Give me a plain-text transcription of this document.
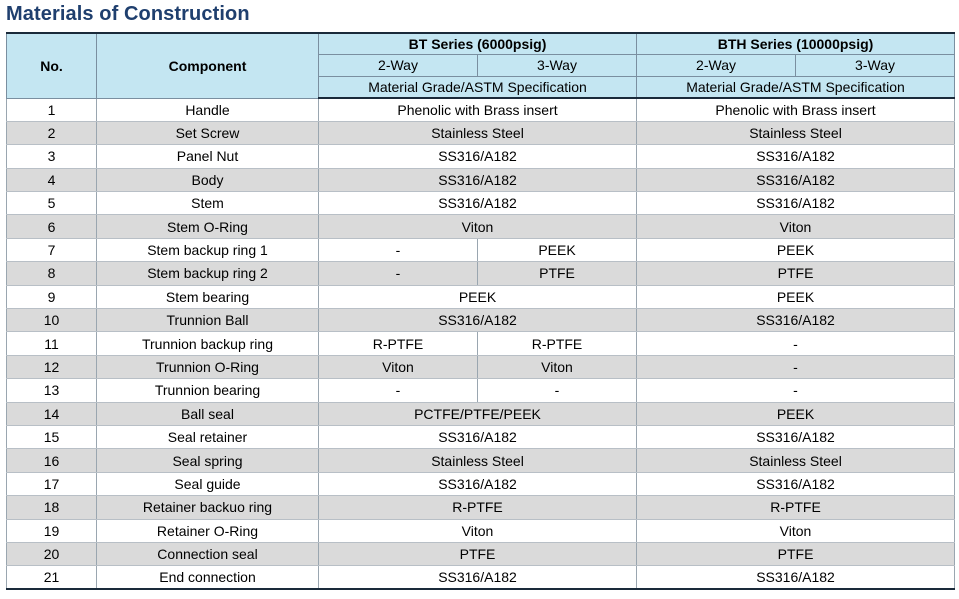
Materials of Construction
No.	Component	BT Series (6000psig)		BTH Series (10000psig)	
		2-Way	3-Way	2-Way	3-Way
		Material Grade/ASTM Specification		Material Grade/ASTM Specification	
1	Handle	Phenolic with Brass insert		Phenolic with Brass insert	
2	Set Screw	Stainless Steel		Stainless Steel	
3	Panel Nut	SS316/A182		SS316/A182	
4	Body	SS316/A182		SS316/A182	
5	Stem	SS316/A182		SS316/A182	
6	Stem O-Ring	Viton		Viton	
7	Stem backup ring 1	-	PEEK	PEEK	
8	Stem backup ring 2	-	PTFE	PTFE	
9	Stem bearing	PEEK		PEEK	
10	Trunnion Ball	SS316/A182		SS316/A182	
11	Trunnion backup ring	R-PTFE	R-PTFE	-	
12	Trunnion O-Ring	Viton	Viton	-	
13	Trunnion bearing	-	-	-	
14	Ball seal	PCTFE/PTFE/PEEK		PEEK	
15	Seal retainer	SS316/A182		SS316/A182	
16	Seal spring	Stainless Steel		Stainless Steel	
17	Seal guide	SS316/A182		SS316/A182	
18	Retainer backuo ring	R-PTFE		R-PTFE	
19	Retainer O-Ring	Viton		Viton	
20	Connection seal	PTFE		PTFE	
21	End connection	SS316/A182		SS316/A182	
